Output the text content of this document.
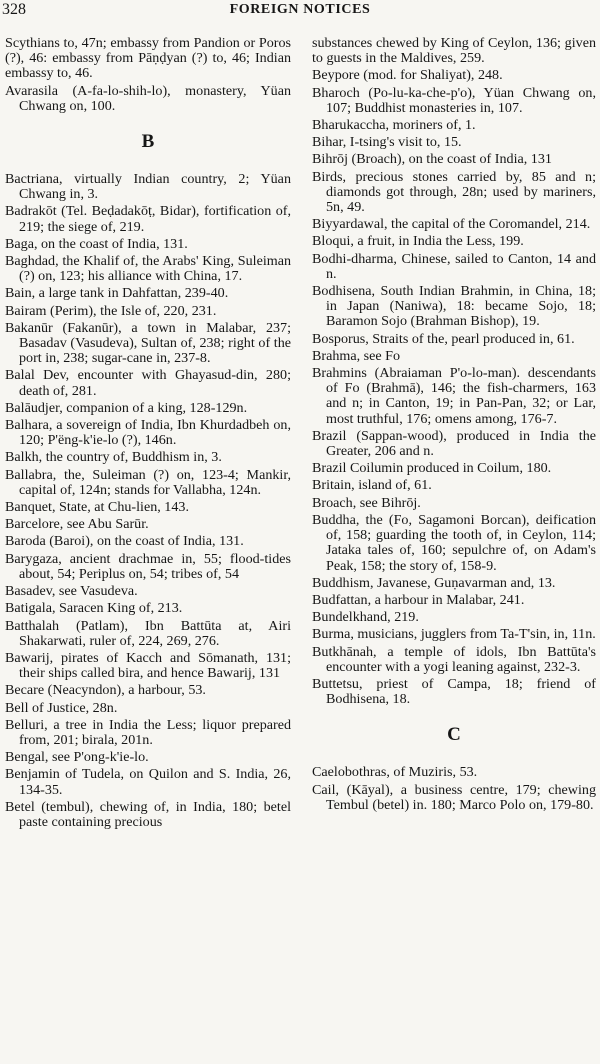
328	FOREIGN NOTICES
Scythians to, 47n; embassy from Pandion or Poros (?), 46: embassy from Pāṇḍyan (?) to, 46; Indian embassy to, 46.
Avarasila (A-fa-lo-shih-lo), monastery, Yüan Chwang on, 100.
B
Bactriana, virtually Indian country, 2; Yüan Chwang in, 3.
Badrakōt (Tel. Beḍadakōṭ, Bidar), fortification of, 219; the siege of, 219.
Baga, on the coast of India, 131.
Baghdad, the Khalif of, the Arabs' King, Suleiman (?) on, 123; his alliance with China, 17.
Bain, a large tank in Dahfattan, 239-40.
Bairam (Perim), the Isle of, 220, 231.
Bakanūr (Fakanūr), a town in Malabar, 237; Basadav (Vasudeva), Sultan of, 238; right of the port in, 238; sugar-cane in, 237-8.
Balal Dev, encounter with Ghayasud-din, 280; death of, 281.
Balāudjer, companion of a king, 128-129n.
Balhara, a sovereign of India, Ibn Khurdadbeh on, 120; P'ëng-k'ie-lo (?), 146n.
Balkh, the country of, Buddhism in, 3.
Ballabra, the, Suleiman (?) on, 123-4; Mankir, capital of, 124n; stands for Vallabha, 124n.
Banquet, State, at Chu-lien, 143.
Barcelore, see Abu Sarūr.
Baroda (Baroi), on the coast of India, 131.
Barygaza, ancient drachmae in, 55; flood-tides about, 54; Periplus on, 54; tribes of, 54
Basadev, see Vasudeva.
Batigala, Saracen King of, 213.
Batthalah (Patlam), Ibn Battūta at, Airi Shakarwati, ruler of, 224, 269, 276.
Bawarij, pirates of Kacch and Sōmanath, 131; their ships called bira, and hence Bawarij, 131
Becare (Neacyndon), a harbour, 53.
Bell of Justice, 28n.
Belluri, a tree in India the Less; liquor prepared from, 201; birala, 201n.
Bengal, see P'ong-k'ie-lo.
Benjamin of Tudela, on Quilon and S. India, 26, 134-35.
Betel (tembul), chewing of, in India, 180; betel paste containing precious
substances chewed by King of Ceylon, 136; given to guests in the Maldives, 259.
Beypore (mod. for Shaliyat), 248.
Bharoch (Po-lu-ka-che-p'o), Yüan Chwang on, 107; Buddhist monasteries in, 107.
Bharukaccha, moriners of, 1.
Bihar, I-tsing's visit to, 15.
Bihrōj (Broach), on the coast of India, 131
Birds, precious stones carried by, 85 and n; diamonds got through, 28n; used by mariners, 5n, 49.
Biyyardawal, the capital of the Coromandel, 214.
Bloqui, a fruit, in India the Less, 199.
Bodhi-dharma, Chinese, sailed to Canton, 14 and n.
Bodhisena, South Indian Brahmin, in China, 18; in Japan (Naniwa), 18: became Sojo, 18; Baramon Sojo (Brahman Bishop), 19.
Bosporus, Straits of the, pearl produced in, 61.
Brahma, see Fo
Brahmins (Abraiaman P'o-lo-man). descendants of Fo (Brahmā), 146; the fish-charmers, 163 and n; in Canton, 19; in Pan-Pan, 32; or Lar, most truthful, 176; omens among, 176-7.
Brazil (Sappan-wood), produced in India the Greater, 206 and n.
Brazil Coilumin produced in Coilum, 180.
Britain, island of, 61.
Broach, see Bihrōj.
Buddha, the (Fo, Sagamoni Borcan), deification of, 158; guarding the tooth of, in Ceylon, 114; Jataka tales of, 160; sepulchre of, on Adam's Peak, 158; the story of, 158-9.
Buddhism, Javanese, Guṇavarman and, 13.
Budfattan, a harbour in Malabar, 241.
Bundelkhand, 219.
Burma, musicians, jugglers from Ta-T'sin, in, 11n.
Butkhānah, a temple of idols, Ibn Battūta's encounter with a yogi leaning against, 232-3.
Buttetsu, priest of Campa, 18; friend of Bodhisena, 18.
C
Caelobothras, of Muziris, 53.
Cail, (Kāyal), a business centre, 179; chewing Tembul (betel) in. 180; Marco Polo on, 179-80.
